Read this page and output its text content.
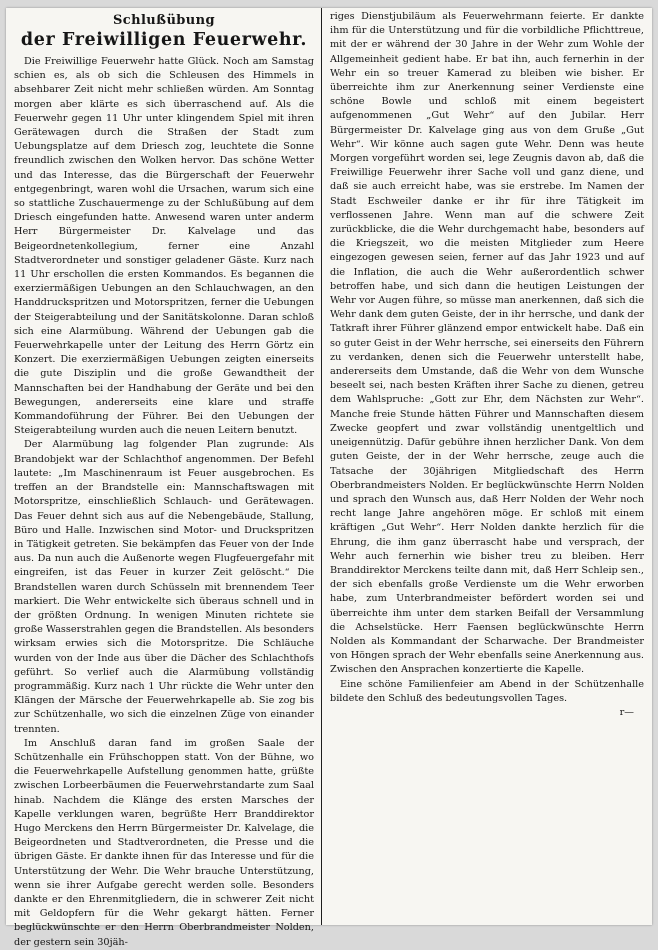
Schlußübung
der Freiwilligen Feuerwehr.

Die Freiwillige Feuerwehr hatte Glück. Noch am Samstag schien es, als ob sich die Schleusen des Himmels in absehbarer Zeit nicht mehr schließen würden. Am Sonntag morgen aber klärte es sich überraschend auf. Als die Feuerwehr gegen 11 Uhr unter klingendem Spiel mit ihren Gerätewagen durch die Straßen der Stadt zum Uebungsplatze auf dem Driesch zog, leuchtete die Sonne freundlich zwischen den Wolken hervor. Das schöne Wetter und das Interesse, das die Bürgerschaft der Feuerwehr entgegenbringt, waren wohl die Ursachen, warum sich eine so stattliche Zuschauermenge zu der Schlußübung auf dem Driesch eingefunden hatte. Anwesend waren unter anderm Herr Bürgermeister Dr. Kalvelage und das Beigeordnetenkollegium, ferner eine Anzahl Stadtverordneter und sonstiger geladener Gäste. Kurz nach 11 Uhr erschollen die ersten Kommandos. Es begannen die exerziermäßigen Uebungen an den Schlauchwagen, an den Handdruckspritzen und Motorspritzen, ferner die Uebungen der Steigerabteilung und der Sanitätskolonne. Daran schloß sich eine Alarmübung. Während der Uebungen gab die Feuerwehrkapelle unter der Leitung des Herrn Görtz ein Konzert. Die exerziermäßigen Uebungen zeigten einerseits die gute Disziplin und die große Gewandtheit der Mannschaften bei der Handhabung der Geräte und bei den Bewegungen, andererseits eine klare und straffe Kommandoführung der Führer. Bei den Uebungen der Steigerabteilung wurden auch die neuen Leitern benutzt.

Der Alarmübung lag folgender Plan zugrunde: Als Brandobjekt war der Schlachthof angenommen. Der Befehl lautete: „Im Maschinenraum ist Feuer ausgebrochen. Es treffen an der Brandstelle ein: Mannschaftswagen mit Motorspritze, einschließlich Schlauch- und Gerätewagen. Das Feuer dehnt sich aus auf die Nebengebäude, Stallung, Büro und Halle. Inzwischen sind Motor- und Druckspritzen in Tätigkeit getreten. Sie bekämpfen das Feuer von der Inde aus. Da nun auch die Außenorte wegen Flugfeuergefahr mit eingreifen, ist das Feuer in kurzer Zeit gelöscht.“ Die Brandstellen waren durch Schüsseln mit brennendem Teer markiert. Die Wehr entwickelte sich überaus schnell und in der größten Ordnung. In wenigen Minuten richtete sie große Wasserstrahlen gegen die Brandstellen. Als besonders wirksam erwies sich die Motorspritze. Die Schläuche wurden von der Inde aus über die Dächer des Schlachthofs geführt. So verlief auch die Alarmübung vollständig programmäßig. Kurz nach 1 Uhr rückte die Wehr unter den Klängen der Märsche der Feuerwehrkapelle ab. Sie zog bis zur Schützenhalle, wo sich die einzelnen Züge von einander trennten.

Im Anschluß daran fand im großen Saale der Schützenhalle ein Frühschoppen statt. Von der Bühne, wo die Feuerwehrkapelle Aufstellung genommen hatte, grüßte zwischen Lorbeerbäumen die Feuerwehrstandarte zum Saal hinab. Nachdem die Klänge des ersten Marsches der Kapelle verklungen waren, begrüßte Herr Branddirektor Hugo Merckens den Herrn Bürgermeister Dr. Kalvelage, die Beigeordneten und Stadtverordneten, die Presse und die übrigen Gäste. Er dankte ihnen für das Interesse und für die Unterstützung der Wehr. Die Wehr brauche Unterstützung, wenn sie ihrer Aufgabe gerecht werden solle. Besonders dankte er den Ehrenmitgliedern, die in schwerer Zeit nicht mit Geldopfern für die Wehr gekargt hätten. Ferner beglückwünschte er den Herrn Oberbrandmeister Nolden, der gestern sein 30jäh-

riges Dienstjubiläum als Feuerwehrmann feierte. Er dankte ihm für die Unterstützung und für die vorbildliche Pflichttreue, mit der er während der 30 Jahre in der Wehr zum Wohle der Allgemeinheit gedient habe. Er bat ihn, auch fernerhin in der Wehr ein so treuer Kamerad zu bleiben wie bisher. Er überreichte ihm zur Anerkennung seiner Verdienste eine schöne Bowle und schloß mit einem begeistert aufgenommenen „Gut Wehr“ auf den Jubilar. Herr Bürgermeister Dr. Kalvelage ging aus von dem Gruße „Gut Wehr“. Wir könne auch sagen gute Wehr. Denn was heute Morgen vorgeführt worden sei, lege Zeugnis davon ab, daß die Freiwillige Feuerwehr ihrer Sache voll und ganz diene, und daß sie auch erreicht habe, was sie erstrebe. Im Namen der Stadt Eschweiler danke er ihr für ihre Tätigkeit im verflossenen Jahre. Wenn man auf die schwere Zeit zurückblicke, die die Wehr durchgemacht habe, besonders auf die Kriegszeit, wo die meisten Mitglieder zum Heere eingezogen gewesen seien, ferner auf das Jahr 1923 und auf die Inflation, die auch die Wehr außerordentlich schwer betroffen habe, und sich dann die heutigen Leistungen der Wehr vor Augen führe, so müsse man anerkennen, daß sich die Wehr dank dem guten Geiste, der in ihr herrsche, und dank der Tatkraft ihrer Führer glänzend empor entwickelt habe. Daß ein so guter Geist in der Wehr herrsche, sei einerseits den Führern zu verdanken, denen sich die Feuerwehr unterstellt habe, andererseits dem Umstande, daß die Wehr von dem Wunsche beseelt sei, nach besten Kräften ihrer Sache zu dienen, getreu dem Wahlspruche: „Gott zur Ehr, dem Nächsten zur Wehr“. Manche freie Stunde hätten Führer und Mannschaften diesem Zwecke geopfert und zwar vollständig unentgeltlich und uneigennützig. Dafür gebühre ihnen herzlicher Dank. Von dem guten Geiste, der in der Wehr herrsche, zeuge auch die Tatsache der 30jährigen Mitgliedschaft des Herrn Oberbrandmeisters Nolden. Er beglückwünschte Herrn Nolden und sprach den Wunsch aus, daß Herr Nolden der Wehr noch recht lange Jahre angehören möge. Er schloß mit einem kräftigen „Gut Wehr“. Herr Nolden dankte herzlich für die Ehrung, die ihm ganz überrascht habe und versprach, der Wehr auch fernerhin wie bisher treu zu bleiben. Herr Branddirektor Merckens teilte dann mit, daß Herr Schleip sen., der sich ebenfalls große Verdienste um die Wehr erworben habe, zum Unterbrandmeister befördert worden sei und überreichte ihm unter dem starken Beifall der Versammlung die Achselstücke. Herr Faensen beglückwünschte Herrn Nolden als Kommandant der Scharwache. Der Brandmeister von Höngen sprach der Wehr ebenfalls seine Anerkennung aus. Zwischen den Ansprachen konzertierte die Kapelle.

Eine schöne Familienfeier am Abend in der Schützenhalle bildete den Schluß des bedeutungsvollen Tages.

r—
